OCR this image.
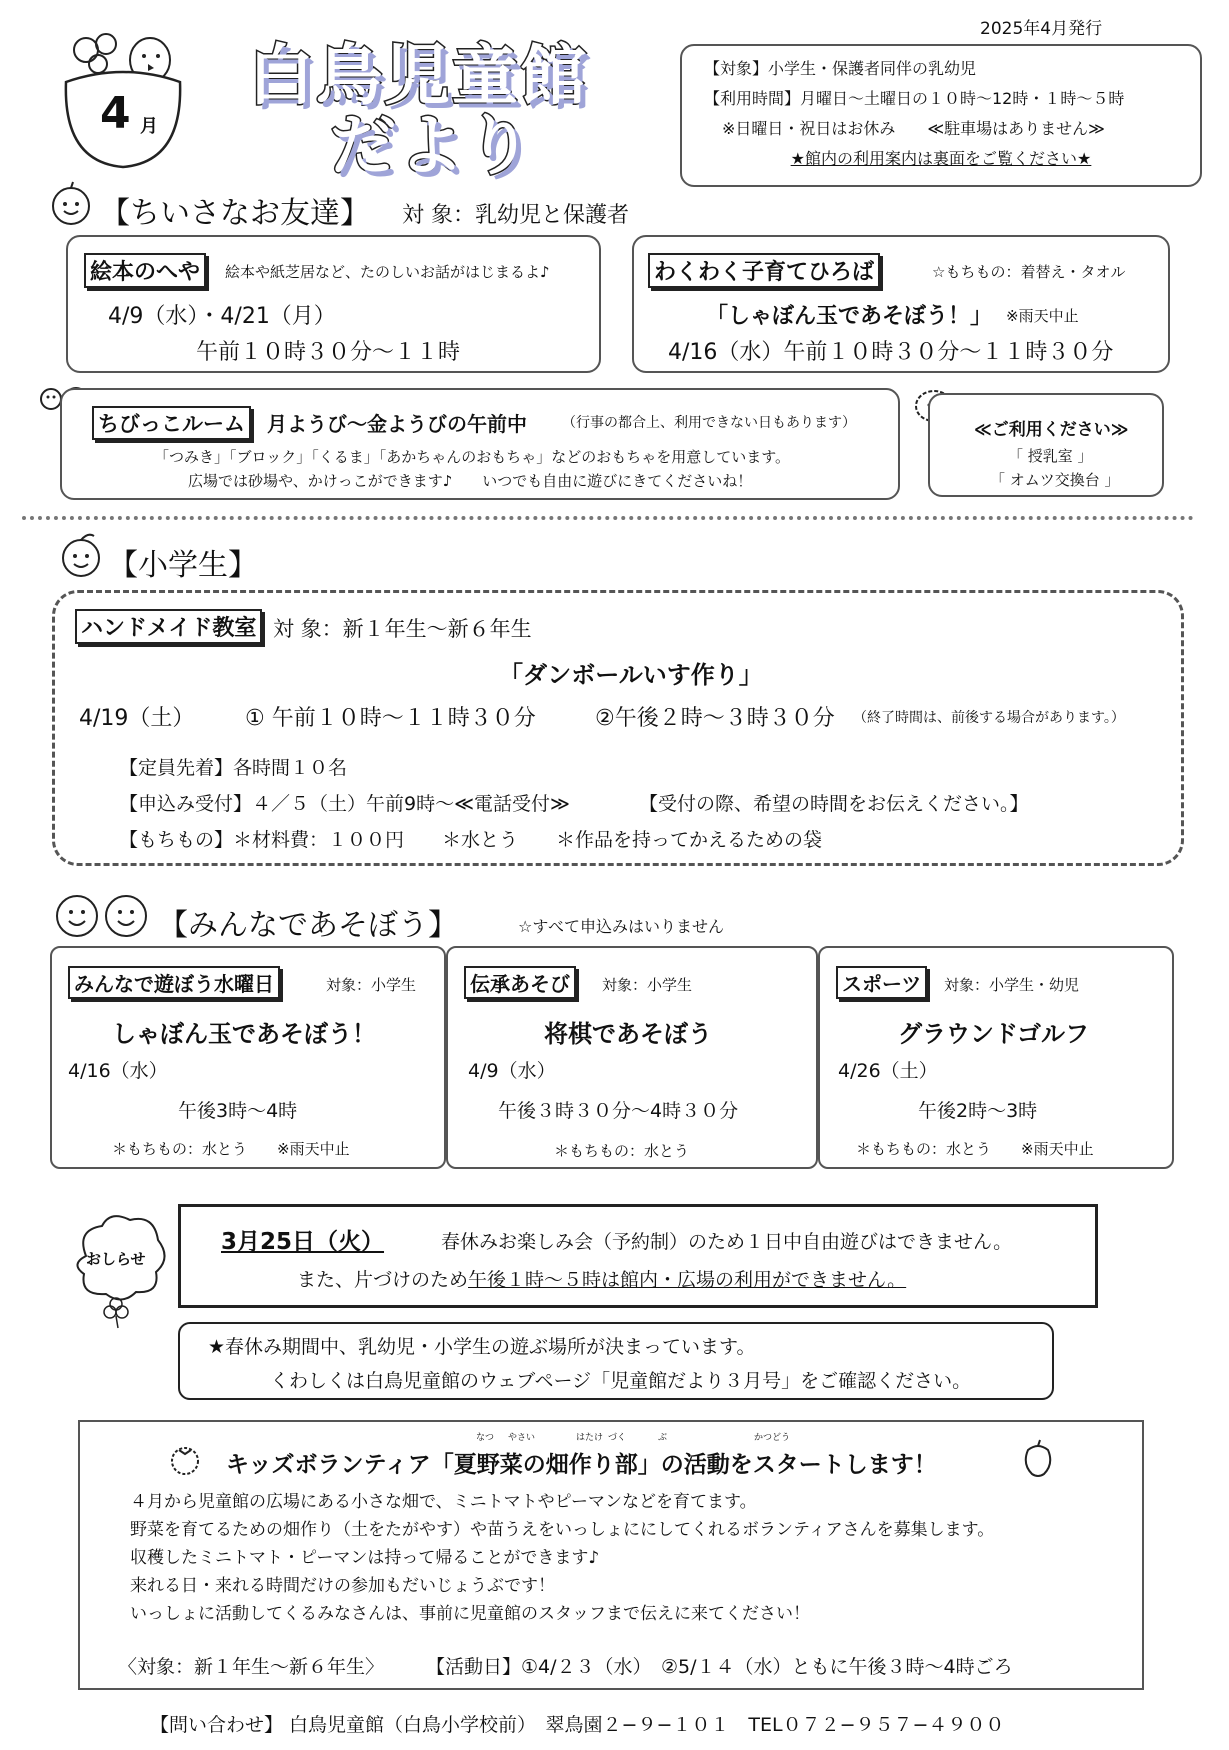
2025年4月発行
4 月
白鳥児童館
だより
【対象】小学生・保護者同伴の乳幼児
【利用時間】月曜日～土曜日の１０時～12時・１時～５時
※日曜日・祝日はお休み　　≪駐車場はありません≫
★館内の利用案内は裏面をご覧ください★
【ちいさなお友達】 対 象：乳幼児と保護者
絵本のへや	絵本や紙芝居など、たのしいお話がはじまるよ♪
4/9（水）・4/21（月）
午前１０時３０分～１１時
わくわく子育てひろば	☆もちもの：着替え・タオル
「しゃぼん玉であそぼう！」 ※雨天中止
4/16（水）午前１０時３０分～１１時３０分
ちびっこルーム	月ようび～金ようびの午前中	（行事の都合上、利用できない日もあります）
「つみき」「ブロック」「くるま」「あかちゃんのおもちゃ」などのおもちゃを用意しています。
広場では砂場や、かけっこができます♪　　いつでも自由に遊びにきてくださいね！
≪ご利用ください≫
「 授乳室 」
「 オムツ交換台 」
【小学生】
ハンドメイド教室 対 象：新１年生～新６年生
「ダンボールいす作り」
4/19（土） ① 午前１０時～１１時３０分	②午後２時～３時３０分 （終了時間は、前後する場合があります。）
【定員先着】各時間１０名
【申込み受付】４／５（土）午前9時～≪電話受付≫	【受付の際、希望の時間をお伝えください。】
【もちもの】＊材料費：１００円　　＊水とう　　＊作品を持ってかえるための袋
【みんなであそぼう】	☆すべて申込みはいりません
みんなで遊ぼう水曜日	対象：小学生
しゃぼん玉であそぼう！
4/16（水）
午後3時～4時
＊もちもの：水とう　　※雨天中止
伝承あそび	対象：小学生
将棋であそぼう
4/9（水）
午後３時３０分～4時３０分
＊もちもの：水とう
スポーツ	対象：小学生・幼児
グラウンドゴルフ
4/26（土）
午後2時～3時
＊もちもの：水とう　　※雨天中止
おしらせ
3月25日（火）	春休みお楽しみ会（予約制）のため１日中自由遊びはできません。
また、片づけのため午後１時～５時は館内・広場の利用ができません。
★春休み期間中、乳幼児・小学生の遊ぶ場所が決まっています。
くわしくは白鳥児童館のウェブページ「児童館だより３月号」をご確認ください。
キッズボランティア「夏野菜の畑作り部」の活動をスタートします！
なつ やさい	はたけ づく	ぶ	かつどう
４月から児童館の広場にある小さな畑で、ミニトマトやピーマンなどを育てます。
野菜を育てるための畑作り（土をたがやす）や苗うえをいっしょににしてくれるボランティアさんを募集します。
収穫したミニトマト・ピーマンは持って帰ることができます♪
来れる日・来れる時間だけの参加もだいじょうぶです！
いっしょに活動してくるみなさんは、事前に児童館のスタッフまで伝えに来てください！
〈対象：新１年生～新６年生〉 【活動日】①4/２３（水）　②5/１４（水）ともに午後３時～4時ごろ
【問い合わせ】 白鳥児童館（白鳥小学校前）　翠鳥園２−９−１０１　TEL０７２−９５７−４９００
